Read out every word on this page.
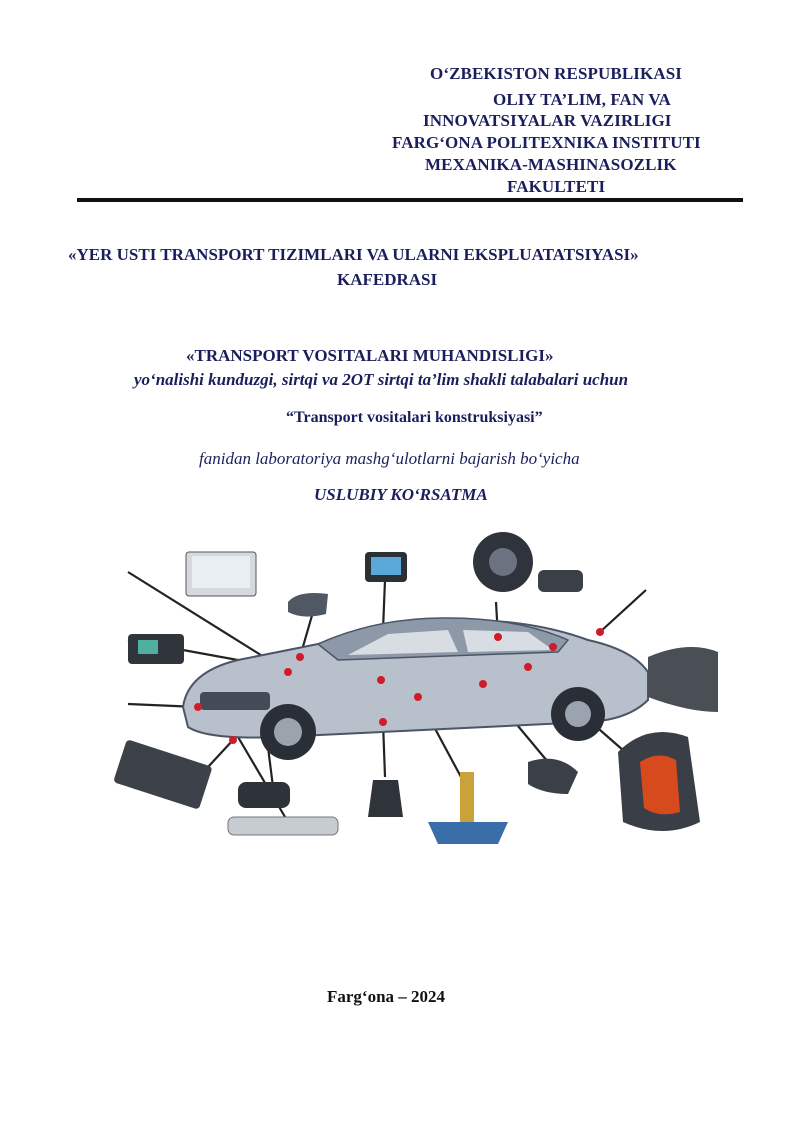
O‘ZBEKISTON RESPUBLIKASI
OLIY TA’LIM, FAN VA
INNOVATSIYALAR VAZIRLIGI
FARG‘ONA POLITEXNIKA INSTITUTI
MEXANIKA-MASHINASOZLIK
FAKULTETI
«YER USTI TRANSPORT TIZIMLARI VA ULARNI EKSPLUATATSIYASI»
KAFEDRASI
«TRANSPORT VOSITALARI MUHANDISLIGI»
yo‘nalishi kunduzgi, sirtqi va 2OT sirtqi ta’lim shakli talabalari uchun
“Transport vositalari konstruksiyasi”
fanidan laboratoriya mashg‘ulotlarni bajarish bo‘yicha
USLUBIY KO‘RSATMA
Farg‘ona – 2024
